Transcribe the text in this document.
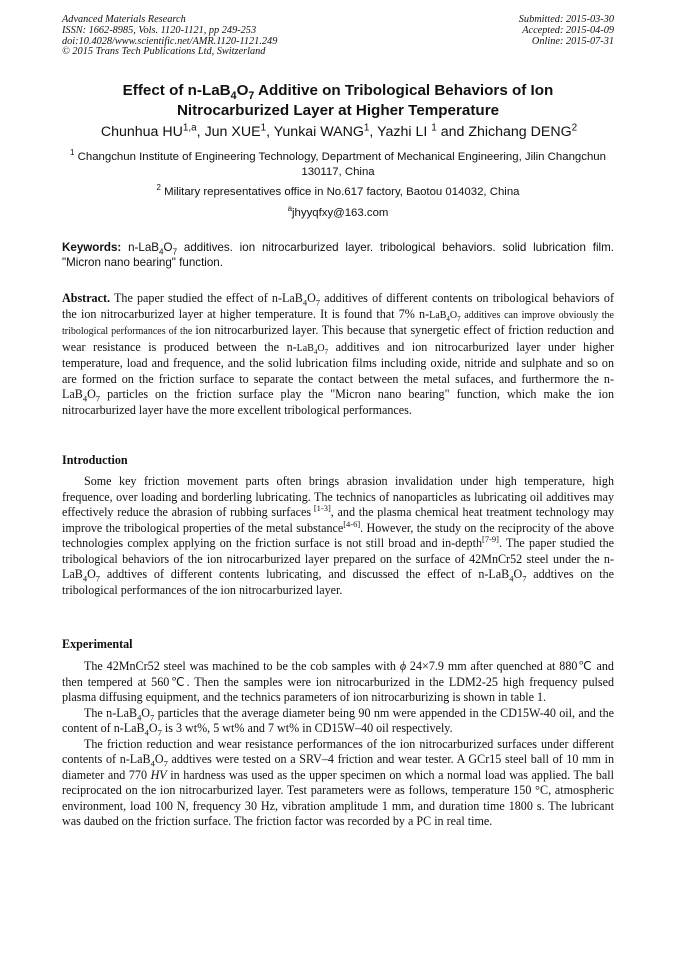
Advanced Materials Research
ISSN: 1662-8985, Vols. 1120-1121, pp 249-253
doi:10.4028/www.scientific.net/AMR.1120-1121.249
© 2015 Trans Tech Publications Ltd, Switzerland
Submitted: 2015-03-30
Accepted: 2015-04-09
Online: 2015-07-31
Effect of $n-LaB_4O_7$ Additive on Tribological Behaviors of Ion
Nitrocarburized Layer at Higher Temperature
Chunhua HU$^{1,a}$, Jun XUE$^1$, Yunkai WANG$^1$, Yazhi LI $^1$ and Zhichang DENG$^2$
$^1$ Changchun Institute of Engineering Technology, Department of Mechanical Engineering, Jilin Changchun 130117, China
$^2$ Military representatives office in No.617 factory, Baotou 014032, China
$^a$jhyyqfxy@163.com
Keywords: $n-LaB_4O_7$ additives. ion nitrocarburized layer. tribological behaviors. solid lubrication film. "Micron nano bearing" function.

Abstract. The paper studied the effect of $n-LaB_4O_7$ additives of different contents on tribological behaviors of the ion nitrocarburized layer at higher temperature. It is found that 7% $n-LaB_4O_7$ additives can improve obviously the tribological performances of the ion nitrocarburized layer. This because that synergetic effect of friction reduction and wear resistance is produced between the $n-LaB_4O_7$ additives and ion nitrocarburized layer under higher temperature, load and frequence, and the solid lubrication films including oxide, nitride and sulphate and so on are formed on the friction surface to separate the contact between the metal sufaces, and furthermore the $n-LaB_4O_7$ particles on the friction surface play the "Micron nano bearing" function, which make the ion nitrocarburized layer have the more excellent tribological performances.

Introduction

Some key friction movement parts often brings abrasion invalidation under high temperature, high frequence, over loading and borderling lubricating. The technics of nanoparticles as lubricating oil additives may effectively reduce the abrasion of rubbing surfaces [1-3], and the plasma chemical heat treatment technology may improve the tribological properties of the metal substance[4-6]. However, the study on the reciprocity of the above technologies complex applying on the friction surface is not still broad and in-depth[7-9]. The paper studied the tribological behaviors of the ion nitrocarburized layer prepared on the surface of 42MnCr52 steel under the $n-LaB_4O_7$ addtives of different contents lubricating, and discussed the effect of $n-LaB_4O_7$ addtives on the tribological performances of the ion nitrocarburized layer.

Experimental

The 42MnCr52 steel was machined to be the cob samples with ϕ 24×7.9 mm after quenched at 880℃ and then tempered at 560℃. Then the samples were ion nitrocarburized in the LDM2-25 high frequency pulsed plasma diffusing equipment, and the technics parameters of ion nitrocarburizing is shown in table 1.

The $n-LaB_4O_7$ particles that the average diameter being 90 nm were appended in the CD15W-40 oil, and the content of $n-LaB_4O_7$ is 3 wt%, 5 wt% and 7 wt% in CD15W–40 oil respectively.

The friction reduction and wear resistance performances of the ion nitrocarburized surfaces under different contents of $n-LaB_4O_7$ addtives were tested on a SRV–4 friction and wear tester. A GCr15 steel ball of 10 mm in diameter and 770 HV in hardness was used as the upper specimen on which a normal load was applied. The ball reciprocated on the ion nitrocarburized layer. Test parameters were as follows, temperature 150 °C, atmospheric environment, load 100 N, frequency 30 Hz, vibration amplitude 1 mm, and duration time 1800 s. The lubricant was daubed on the friction surface. The friction factor was recorded by a PC in real time.
